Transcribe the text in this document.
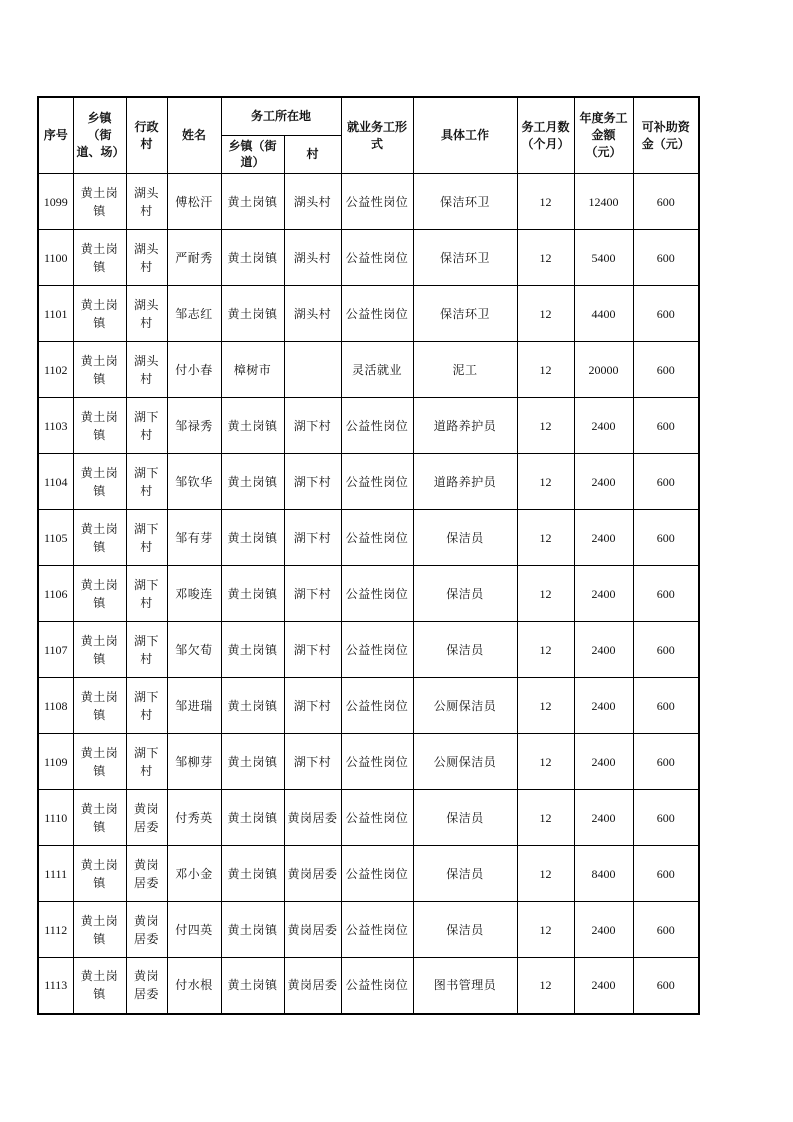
序号	乡镇（街道、场）	行政村	姓名	务工所在地		就业务工形式	具体工作	务工月数（个月）	年度务工金额（元）	可补助资金（元）
				乡镇（街道）	村					
1099	黄土岗镇	湖头村	傅松汗	黄土岗镇	湖头村	公益性岗位	保洁环卫	12	12400	600
1100	黄土岗镇	湖头村	严耐秀	黄土岗镇	湖头村	公益性岗位	保洁环卫	12	5400	600
1101	黄土岗镇	湖头村	邹志红	黄土岗镇	湖头村	公益性岗位	保洁环卫	12	4400	600
1102	黄土岗镇	湖头村	付小春	樟树市		灵活就业	泥工	12	20000	600
1103	黄土岗镇	湖下村	邹禄秀	黄土岗镇	湖下村	公益性岗位	道路养护员	12	2400	600
1104	黄土岗镇	湖下村	邹钦华	黄土岗镇	湖下村	公益性岗位	道路养护员	12	2400	600
1105	黄土岗镇	湖下村	邹有芽	黄土岗镇	湖下村	公益性岗位	保洁员	12	2400	600
1106	黄土岗镇	湖下村	邓唆连	黄土岗镇	湖下村	公益性岗位	保洁员	12	2400	600
1107	黄土岗镇	湖下村	邹欠荀	黄土岗镇	湖下村	公益性岗位	保洁员	12	2400	600
1108	黄土岗镇	湖下村	邹进瑞	黄土岗镇	湖下村	公益性岗位	公厕保洁员	12	2400	600
1109	黄土岗镇	湖下村	邹柳芽	黄土岗镇	湖下村	公益性岗位	公厕保洁员	12	2400	600
1110	黄土岗镇	黄岗居委	付秀英	黄土岗镇	黄岗居委	公益性岗位	保洁员	12	2400	600
1111	黄土岗镇	黄岗居委	邓小金	黄土岗镇	黄岗居委	公益性岗位	保洁员	12	8400	600
1112	黄土岗镇	黄岗居委	付四英	黄土岗镇	黄岗居委	公益性岗位	保洁员	12	2400	600
1113	黄土岗镇	黄岗居委	付水根	黄土岗镇	黄岗居委	公益性岗位	图书管理员	12	2400	600
